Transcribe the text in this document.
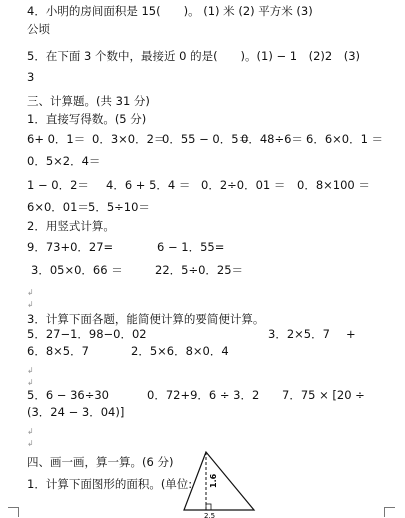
4．小明的房间面积是 15(　　)。 (1) 米 (2) 平方米 (3)
公顷
5．在下面 3 个数中，最接近 0 的是(　　)。(1) − 1　(2)2　(3)
3
三、计算题。(共 31 分)
1．直接写得数。(5 分)
6+ 0．1＝ 0．3×0．2＝
0．55 − 0．5＝
0．48÷6＝ 6．6×0．1 ＝
0．5×2．4＝
1 − 0．2＝ 4．6 + 5．4 ＝ 0．2÷0．01 ＝ 0．8×100 ＝
6×0．01＝ 5．5÷10＝
2．用竖式计算。
9．73+0．27=	6 − 1．55=
3．05×0．66 ＝	22．5÷0．25＝
↲
↲
3．计算下面各题，能简便计算的要简便计算。
5．27−1．98−0．02	3．2×5．7 +
6．8×5．7	2．5×6．8×0．4
↲
↲
5．6 − 36÷30	0．72+9．6 ÷ 3．2 7．75 × [20 ÷
(3．24 − 3．04)]
↲
↲
四、画一画，算一算。(6 分)
1．计算下面图形的面积。(单位: 1.6
2.5
